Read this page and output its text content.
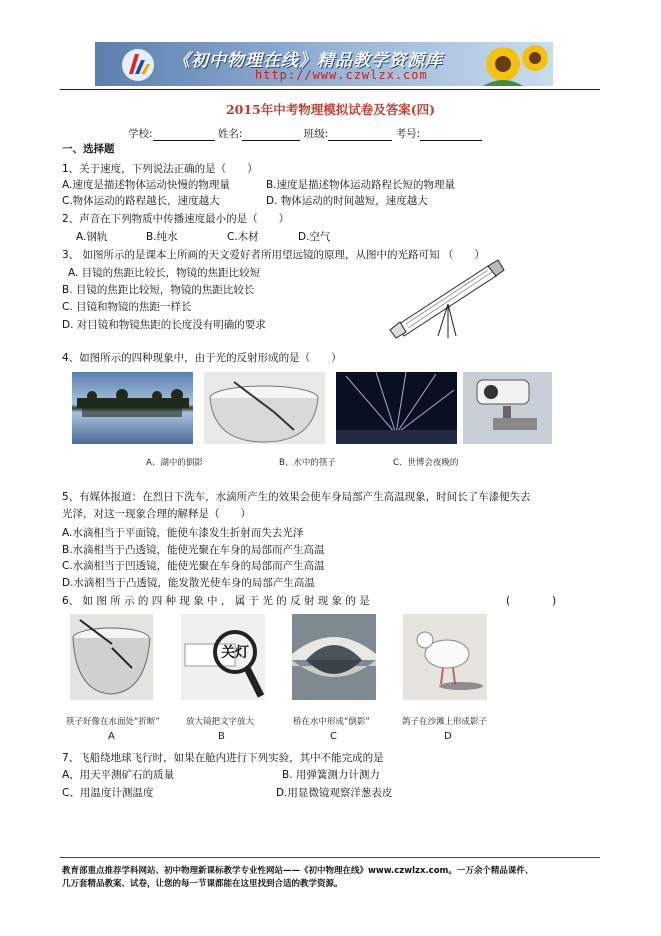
《初中物理在线》精品教学资源库
http://www.czwlzx.com
2015年中考物理模拟试卷及答案(四)
学校:	姓名:	班级:	考号:
一、选择题
1、关于速度，下列说法正确的是（　　）
A.速度是描述物体运动快慢的物理量	B.速度是描述物体运动路程长短的物理量
C.物体运动的路程越长，速度越大	D. 物体运动的时间越短，速度越大
2、声音在下列物质中传播速度最小的是（　　）
A.钢轨	B.纯水	C.木材	D.空气
3、 如图所示的是课本上所画的天文爱好者所用望远镜的原理，从图中的光路可知 （　　）
A. 目镜的焦距比较长，物镜的焦距比较短
B. 目镜的焦距比较短，物镜的焦距比较长
C. 目镜和物镜的焦距一样长
D. 对目镜和物镜焦距的长度没有明确的要求
4、如图所示的四种现象中，由于光的反射形成的是（　　）
A、湖中的倒影	B、水中的筷子	C、世博会夜晚的
5、有媒体报道：在烈日下洗车，水滴所产生的效果会使车身局部产生高温现象，时间长了车漆便失去
光泽，对这一现象合理的解释是（　　）
A.水滴相当于平面镜，能使车漆发生折射而失去光泽
B.水滴相当于凸透镜，能使光聚在车身的局部而产生高温
C.水滴相当于凹透镜，能使光聚在车身的局部而产生高温
D.水滴相当于凸透镜，能发散光使车身的局部产生高温
6、 如 图 所 示 的 四 种 现 象 中 ， 属 于 光 的 反 射 现 象 的 是	(　　　　)
关灯
筷子好像在水面处“折断”	放大镜把文字放大	桥在水中形成“倒影”	鸽子在沙滩上形成影子
A	B	C	D
7、飞船绕地球飞行时，如果在舱内进行下列实验，其中不能完成的是
A、用天平测矿石的质量	B. 用弹簧测力计测力
C、用温度计测温度	D.用显微镜观察洋葱表皮
教育部重点推荐学科网站、初中物理新课标教学专业性网站——《初中物理在线》www.czwlzx.com。一万余个精品课件、
几万套精品教案、试卷，让您的每一节课都能在这里找到合适的教学资源。
